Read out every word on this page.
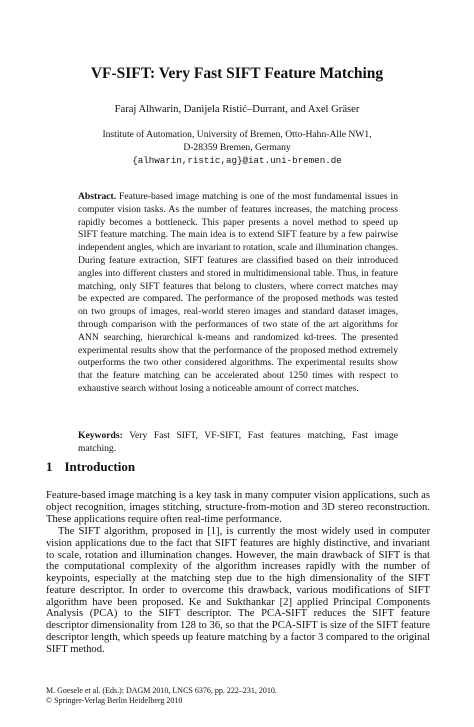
VF-SIFT: Very Fast SIFT Feature Matching
Faraj Alhwarin, Danijela Ristić–Durrant, and Axel Gräser
Institute of Automation, University of Bremen, Otto-Hahn-Alle NW1,
D-28359 Bremen, Germany
{alhwarin,ristic,ag}@iat.uni-bremen.de
Abstract. Feature-based image matching is one of the most fundamental issues in computer vision tasks. As the number of features increases, the matching process rapidly becomes a bottleneck. This paper presents a novel method to speed up SIFT feature matching. The main idea is to extend SIFT feature by a few pairwise independent angles, which are invariant to rotation, scale and illumination changes. During feature extraction, SIFT features are classified based on their introduced angles into different clusters and stored in multidimensional table. Thus, in feature matching, only SIFT features that belong to clusters, where correct matches may be expected are compared. The performance of the proposed methods was tested on two groups of images, real-world stereo images and standard dataset images, through comparison with the performances of two state of the art algorithms for ANN searching, hierarchical k-means and randomized kd-trees. The presented experimental results show that the performance of the proposed method extremely outperforms the two other considered algorithms. The experimental results show that the feature matching can be accelerated about 1250 times with respect to exhaustive search without losing a noticeable amount of correct matches.
Keywords: Very Fast SIFT, VF-SIFT, Fast features matching, Fast image matching.
1 Introduction
Feature-based image matching is a key task in many computer vision applications, such as object recognition, images stitching, structure-from-motion and 3D stereo reconstruction. These applications require often real-time performance.
The SIFT algorithm, proposed in [1], is currently the most widely used in computer vision applications due to the fact that SIFT features are highly distinctive, and invariant to scale, rotation and illumination changes. However, the main drawback of SIFT is that the computational complexity of the algorithm increases rapidly with the number of keypoints, especially at the matching step due to the high dimensionality of the SIFT feature descriptor. In order to overcome this drawback, various modifications of SIFT algorithm have been proposed. Ke and Sukthankar [2] applied Principal Components Analysis (PCA) to the SIFT descriptor. The PCA-SIFT reduces the SIFT feature descriptor dimensionality from 128 to 36, so that the PCA-SIFT is size of the SIFT feature descriptor length, which speeds up feature matching by a factor 3 compared to the original SIFT method.
M. Goesele et al. (Eds.): DAGM 2010, LNCS 6376, pp. 222–231, 2010.
© Springer-Verlag Berlin Heidelberg 2010
